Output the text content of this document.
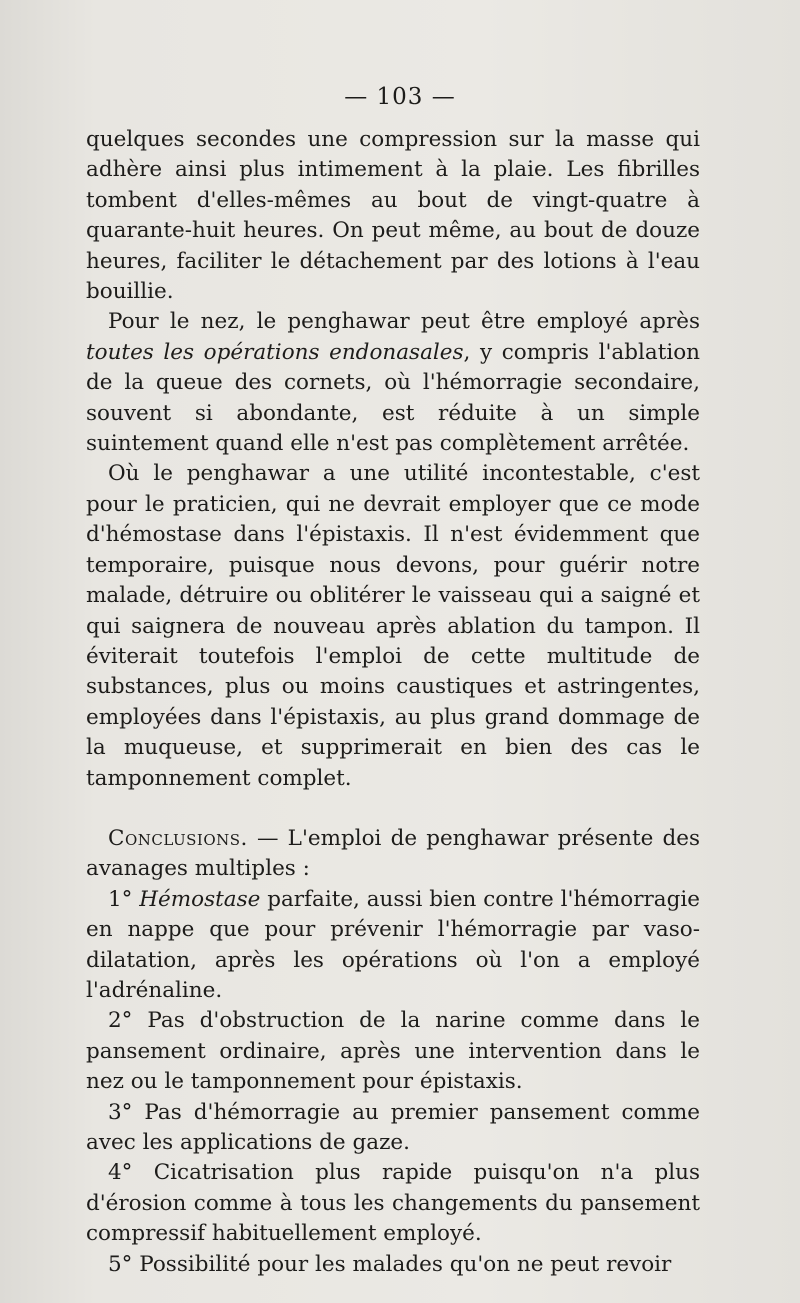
— 103 —

quelques secondes une compression sur la masse qui adhère ainsi plus intimement à la plaie. Les fibrilles tombent d'elles-mêmes au bout de vingt-quatre à quarante-huit heures. On peut même, au bout de douze heures, faciliter le détachement par des lotions à l'eau bouillie.

Pour le nez, le penghawar peut être employé après toutes les opérations endonasales, y compris l'ablation de la queue des cornets, où l'hémorragie secondaire, souvent si abondante, est réduite à un simple suintement quand elle n'est pas complètement arrêtée.

Où le penghawar a une utilité incontestable, c'est pour le praticien, qui ne devrait employer que ce mode d'hémostase dans l'épistaxis. Il n'est évidemment que temporaire, puisque nous devons, pour guérir notre malade, détruire ou oblitérer le vaisseau qui a saigné et qui saignera de nouveau après ablation du tampon. Il éviterait toutefois l'emploi de cette multitude de substances, plus ou moins caustiques et astringentes, employées dans l'épistaxis, au plus grand dommage de la muqueuse, et supprimerait en bien des cas le tamponnement complet.

Conclusions. — L'emploi de penghawar présente des avanages multiples :

1° Hémostase parfaite, aussi bien contre l'hémorragie en nappe que pour prévenir l'hémorragie par vaso-dilatation, après les opérations où l'on a employé l'adrénaline.

2° Pas d'obstruction de la narine comme dans le pansement ordinaire, après une intervention dans le nez ou le tamponnement pour épistaxis.

3° Pas d'hémorragie au premier pansement comme avec les applications de gaze.

4° Cicatrisation plus rapide puisqu'on n'a plus d'érosion comme à tous les changements du pansement compressif habituellement employé.

5° Possibilité pour les malades qu'on ne peut revoir
